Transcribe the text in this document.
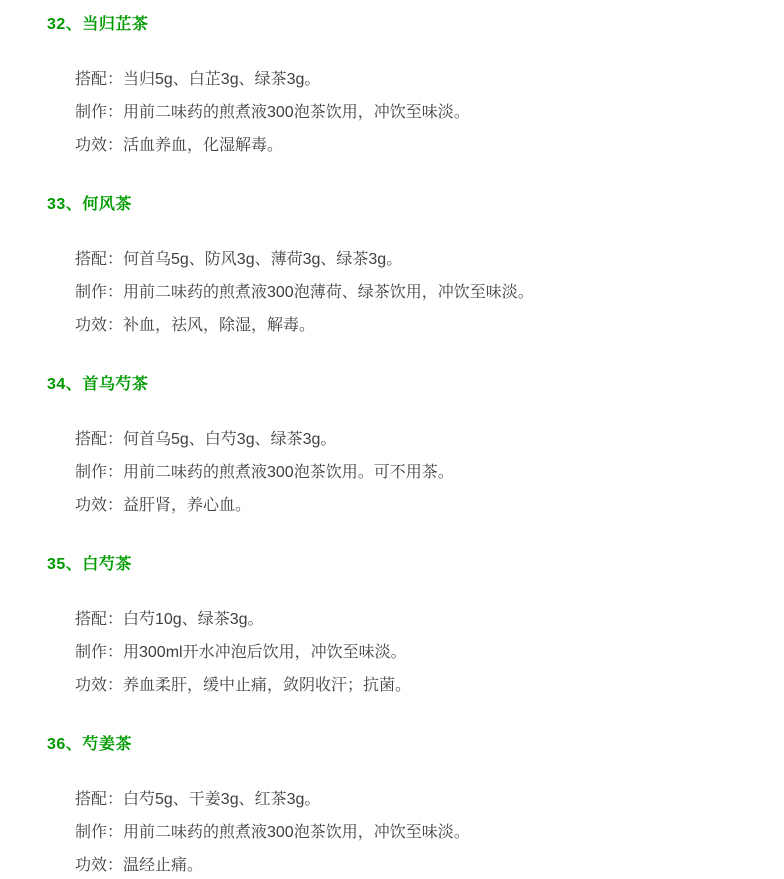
32、当归芷茶

搭配：当归5g、白芷3g、绿茶3g。

制作：用前二味药的煎煮液300泡茶饮用，冲饮至味淡。

功效：活血养血，化湿解毒。

33、何风茶

搭配：何首乌5g、防风3g、薄荷3g、绿茶3g。

制作：用前二味药的煎煮液300泡薄荷、绿茶饮用，冲饮至味淡。

功效：补血，祛风，除湿，解毒。

34、首乌芍茶

搭配：何首乌5g、白芍3g、绿茶3g。

制作：用前二味药的煎煮液300泡茶饮用。可不用茶。

功效：益肝肾，养心血。

35、白芍茶

搭配：白芍10g、绿茶3g。

制作：用300ml开水冲泡后饮用，冲饮至味淡。

功效：养血柔肝，缓中止痛，敛阴收汗；抗菌。

36、芍姜茶

搭配：白芍5g、干姜3g、红茶3g。

制作：用前二味药的煎煮液300泡茶饮用，冲饮至味淡。

功效：温经止痛。
